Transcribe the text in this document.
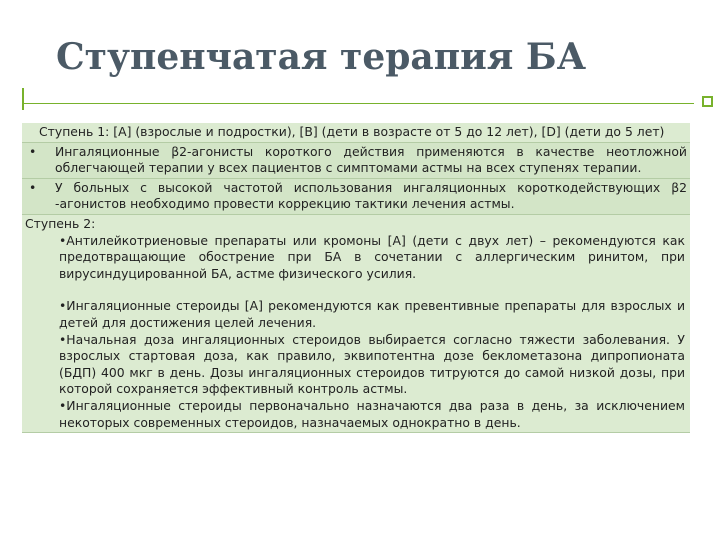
Ступенчатая терапия БА
Ступень 1: [A] (взрослые и подростки), [B] (дети в возрасте от 5 до 12 лет), [D] (дети до 5 лет)
•	Ингаляционные β2-агонисты короткого действия применяются в качестве неотложной облегчающей терапии у всех пациентов с симптомами астмы на всех ступенях терапии.
•	У больных с высокой частотой использования ингаляционных короткодействующих β2 -агонистов необходимо провести коррекцию тактики лечения астмы.
Ступень 2:
•Антилейкотриеновые препараты или кромоны [A] (дети с двух лет) – рекомендуются как предотвращающие обострение при БА в сочетании с аллергическим ринитом, при вирусиндуцированной БА, астме физического усилия.
•Ингаляционные стероиды [A] рекомендуются как превентивные препараты для взрослых и детей для достижения целей лечения.
•Начальная доза ингаляционных стероидов выбирается согласно тяжести заболевания. У взрослых стартовая доза, как правило, эквипотентна дозе беклометазона дипропионата (БДП) 400 мкг в день. Дозы ингаляционных стероидов титруются до самой низкой дозы, при которой сохраняется эффективный контроль астмы.
•Ингаляционные стероиды первоначально назначаются два раза в день, за исключением некоторых современных стероидов, назначаемых однократно в день.
